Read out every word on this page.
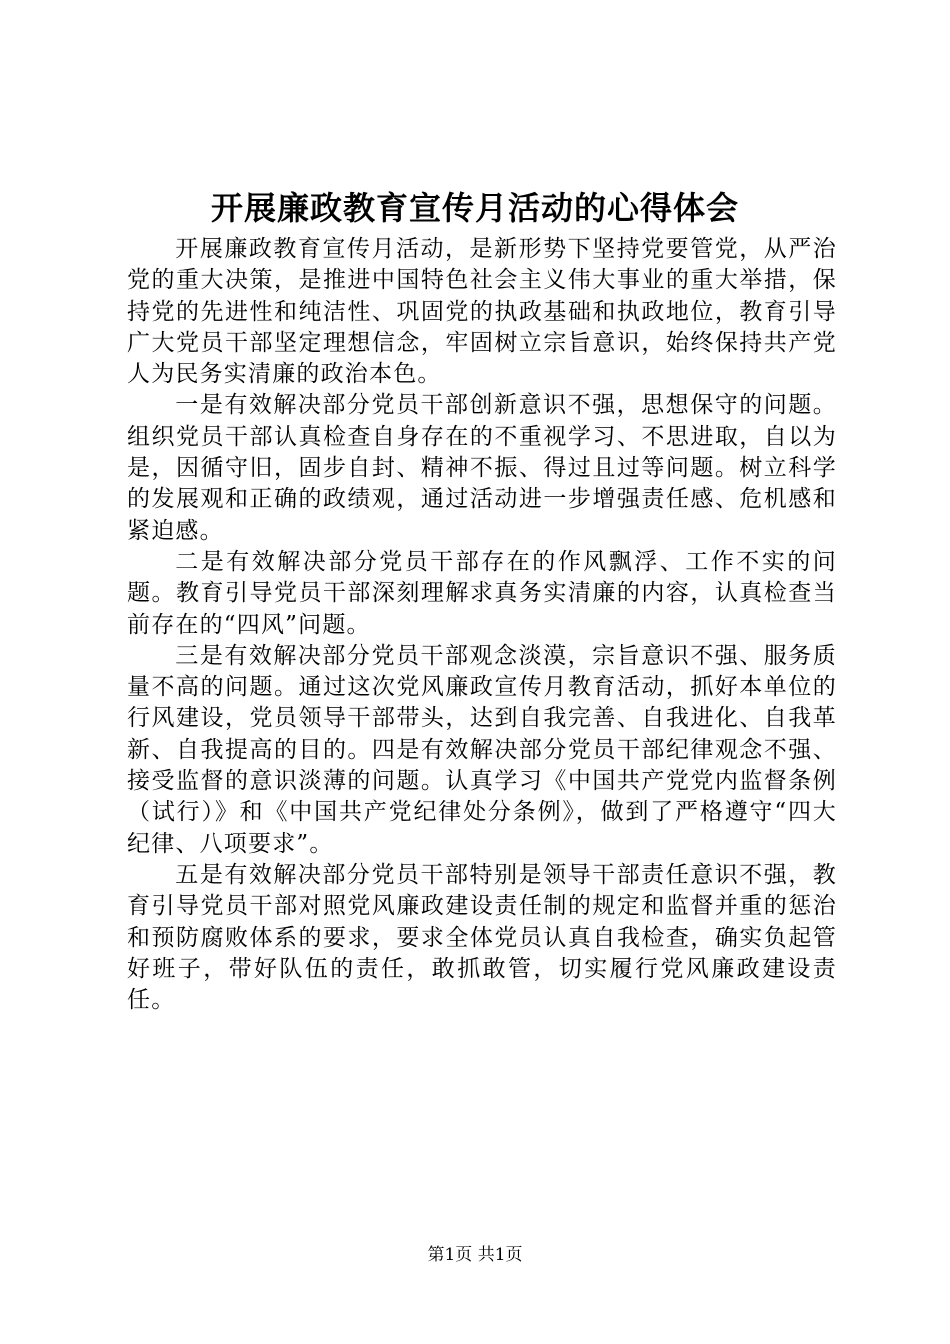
开展廉政教育宣传月活动的心得体会

开展廉政教育宣传月活动，是新形势下坚持党要管党，从严治党的重大决策，是推进中国特色社会主义伟大事业的重大举措，保持党的先进性和纯洁性、巩固党的执政基础和执政地位，教育引导广大党员干部坚定理想信念，牢固树立宗旨意识，始终保持共产党人为民务实清廉的政治本色。

一是有效解决部分党员干部创新意识不强，思想保守的问题。组织党员干部认真检查自身存在的不重视学习、不思进取，自以为是，因循守旧，固步自封、精神不振、得过且过等问题。树立科学的发展观和正确的政绩观，通过活动进一步增强责任感、危机感和紧迫感。

二是有效解决部分党员干部存在的作风飘浮、工作不实的问题。教育引导党员干部深刻理解求真务实清廉的内容，认真检查当前存在的“四风”问题。

三是有效解决部分党员干部观念淡漠，宗旨意识不强、服务质量不高的问题。通过这次党风廉政宣传月教育活动，抓好本单位的行风建设，党员领导干部带头，达到自我完善、自我进化、自我革新、自我提高的目的。四是有效解决部分党员干部纪律观念不强、接受监督的意识淡薄的问题。认真学习《中国共产党党内监督条例（试行）》和《中国共产党纪律处分条例》，做到了严格遵守“四大纪律、八项要求”。

五是有效解决部分党员干部特别是领导干部责任意识不强，教育引导党员干部对照党风廉政建设责任制的规定和监督并重的惩治和预防腐败体系的要求，要求全体党员认真自我检查，确实负起管好班子，带好队伍的责任，敢抓敢管，切实履行党风廉政建设责任。

第1页 共1页
